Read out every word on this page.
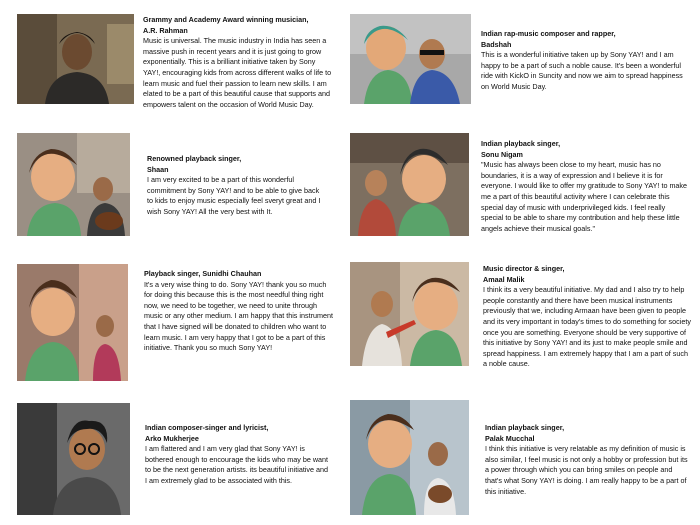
Grammy and Academy Award winning musician,
A.R. Rahman
Music is universal. The music industry in India has seen a massive push in recent years and it is just going to grow exponentially. This is a brilliant initiative taken by Sony YAY!, encouraging kids from across different walks of life to learn music and fuel their passion to learn new skills. I am elated to be a part of this beautiful cause that supports and empowers talent on the occasion of World Music Day.
Indian rap-music composer and rapper,
Badshah
This is a wonderful initiative taken up by Sony YAY! and I am happy to be a part of such a noble cause. It's been a wonderful ride with KickO in Suncity and now we aim to spread happiness on World Music Day.
Renowned playback singer,
Shaan
I am very excited to be a part of this wonderful commitment by Sony YAY! and to be able to give back to kids to enjoy music especially feel sveryt great and I wish Sony YAY! All the very best with It.
Indian playback singer,
Sonu Nigam
"Music has always been close to my heart, music has no boundaries, it is a way of expression and I believe it is for everyone. I would like to offer my gratitude to Sony YAY! to make me a part of this beautiful activity where I can celebrate this special day of music with underprivileged kids. I feel really special to be able to share my contribution and help these little angels achieve their musical goals."
Playback singer, Sunidhi Chauhan
It's a very wise thing to do. Sony YAY! thank you so much for doing this because this is the most needful thing right now, we need to be together, we need to unite through music or any other medium. I am happy that this instrument that I have signed will be donated to children who want to learn music. I am very happy that I got to be a part of this initiative. Thank you so much Sony YAY!
Music director & singer,
Amaal Malik
I think its a very beautiful initiative. My dad and I also try to help people constantly and there have been musical instruments previously that we, including Armaan have been given to people and its very important in today's times to do something for society once you are something. Everyone should be very supportive of this initiative by Sony YAY! and its just to make people smile and spread happiness. I am extremely happy that I am a part of such a noble cause.
Indian composer-singer and lyricist,
Arko Mukherjee
I am flattered and I am very glad that Sony YAY! is bothered enough to encourage the kids who may be want to be the next generation artists. its beautiful initiative and I am extremely glad to be associated with this.
Indian playback singer,
Palak Mucchal
I think this initiative is very relatable as my definition of music is also similar, I feel music is not only a hobby or profession but its a power through which you can bring smiles on people and that's what Sony YAY! is doing. I am really happy to be a part of this initiative.
